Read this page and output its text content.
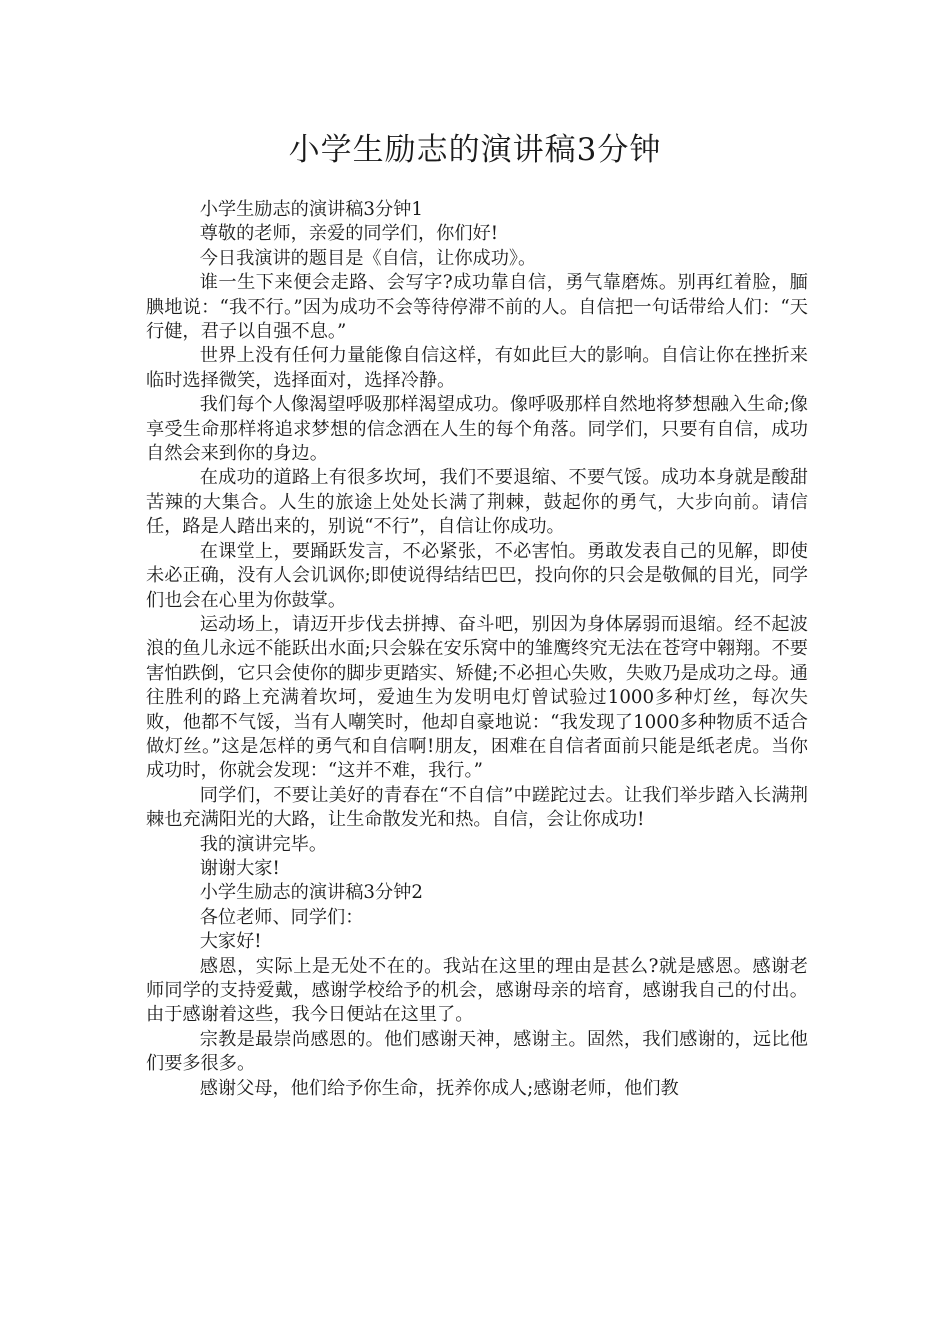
小学生励志的演讲稿3分钟

小学生励志的演讲稿3分钟1

尊敬的老师，亲爱的同学们，你们好!

今日我演讲的题目是《自信，让你成功》。

谁一生下来便会走路、会写字?成功靠自信，勇气靠磨炼。别再红着脸，腼腆地说：“我不行。”因为成功不会等待停滞不前的人。自信把一句话带给人们：“天行健，君子以自强不息。”

世界上没有任何力量能像自信这样，有如此巨大的影响。自信让你在挫折来临时选择微笑，选择面对，选择冷静。

我们每个人像渴望呼吸那样渴望成功。像呼吸那样自然地将梦想融入生命;像享受生命那样将追求梦想的信念洒在人生的每个角落。同学们，只要有自信，成功自然会来到你的身边。

在成功的道路上有很多坎坷，我们不要退缩、不要气馁。成功本身就是酸甜苦辣的大集合。人生的旅途上处处长满了荆棘，鼓起你的勇气，大步向前。请信任，路是人踏出来的，别说“不行”，自信让你成功。

在课堂上，要踊跃发言，不必紧张，不必害怕。勇敢发表自己的见解，即使未必正确，没有人会讥讽你;即使说得结结巴巴，投向你的只会是敬佩的目光，同学们也会在心里为你鼓掌。

运动场上，请迈开步伐去拼搏、奋斗吧，别因为身体孱弱而退缩。经不起波浪的鱼儿永远不能跃出水面;只会躲在安乐窝中的雏鹰终究无法在苍穹中翱翔。不要害怕跌倒，它只会使你的脚步更踏实、矫健;不必担心失败，失败乃是成功之母。通往胜利的路上充满着坎坷，爱迪生为发明电灯曾试验过1000多种灯丝，每次失败，他都不气馁，当有人嘲笑时，他却自豪地说：“我发现了1000多种物质不适合做灯丝。”这是怎样的勇气和自信啊!朋友，困难在自信者面前只能是纸老虎。当你成功时，你就会发现：“这并不难，我行。”

同学们，不要让美好的青春在“不自信”中蹉跎过去。让我们举步踏入长满荆棘也充满阳光的大路，让生命散发光和热。自信，会让你成功!

我的演讲完毕。

谢谢大家!

小学生励志的演讲稿3分钟2

各位老师、同学们：

大家好!

感恩，实际上是无处不在的。我站在这里的理由是甚么?就是感恩。感谢老师同学的支持爱戴，感谢学校给予的机会，感谢母亲的培育，感谢我自己的付出。由于感谢着这些，我今日便站在这里了。

宗教是最崇尚感恩的。他们感谢天神，感谢主。固然，我们感谢的，远比他们要多很多。

感谢父母，他们给予你生命，抚养你成人;感谢老师，他们教
